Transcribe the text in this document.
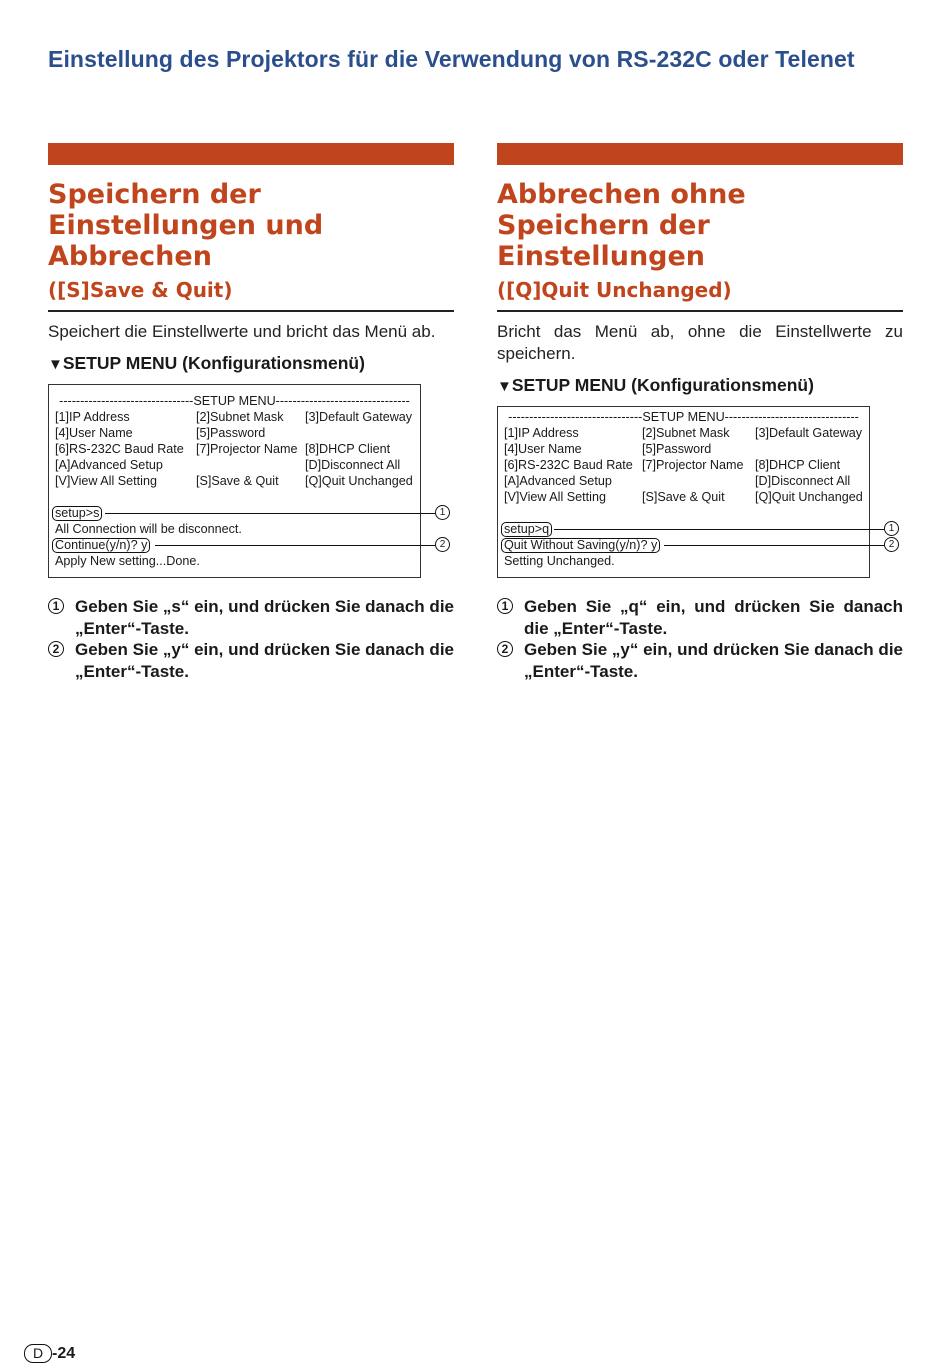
Einstellung des Projektors für die Verwendung von RS-232C oder Telenet
Speichern der Einstellungen und Abbrechen
([S]Save & Quit)
Speichert die Einstellwerte und bricht das Menü ab.
▼SETUP MENU (Konfigurationsmenü)
--------------------------------SETUP MENU--------------------------------
[1]IP Address	[2]Subnet Mask	[3]Default Gateway
[4]User Name	[5]Password
[6]RS-232C Baud Rate [7]Projector Name [8]DHCP Client
[A]Advanced Setup	[D]Disconnect All
[V]View All Setting	[S]Save & Quit	[Q]Quit Unchanged
setup>s	1
All Connection will be disconnect.
Continue(y/n)? y	2
Apply New setting...Done.
1 Geben Sie „s“ ein, und drücken Sie danach die „Enter“-Taste.
2 Geben Sie „y“ ein, und drücken Sie danach die „Enter“-Taste.
Abbrechen ohne Speichern der Einstellungen
([Q]Quit Unchanged)
Bricht das Menü ab, ohne die Einstellwerte zu speichern.
▼SETUP MENU (Konfigurationsmenü)
--------------------------------SETUP MENU--------------------------------
[1]IP Address	[2]Subnet Mask	[3]Default Gateway
[4]User Name	[5]Password
[6]RS-232C Baud Rate [7]Projector Name [8]DHCP Client
[A]Advanced Setup	[D]Disconnect All
[V]View All Setting	[S]Save & Quit	[Q]Quit Unchanged
setup>q	1
Quit Without Saving(y/n)? y	2
Setting Unchanged.
1 Geben Sie „q“ ein, und drücken Sie danach die „Enter“-Taste.
2 Geben Sie „y“ ein, und drücken Sie danach die „Enter“-Taste.
D -24
